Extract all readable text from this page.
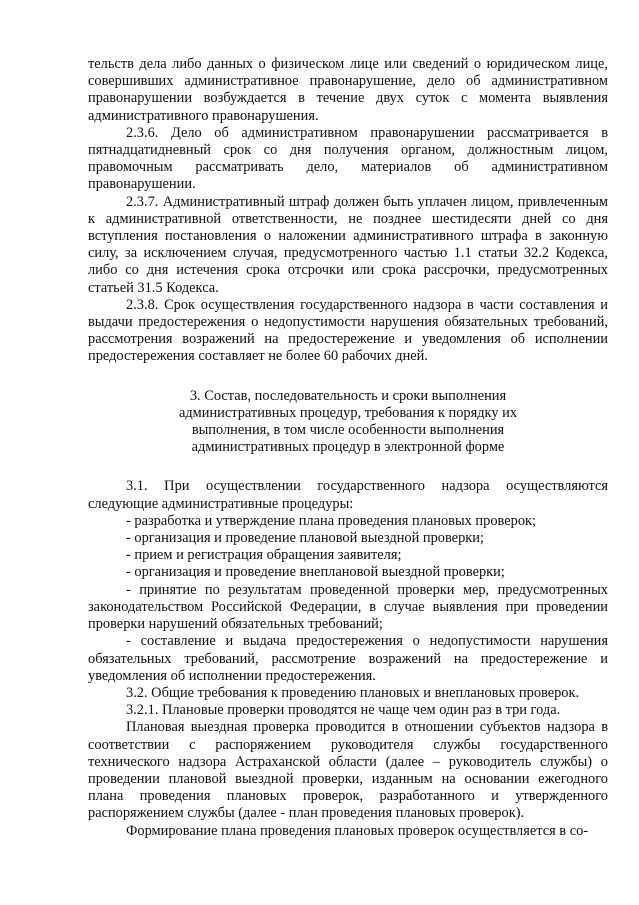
тельств дела либо данных о физическом лице или сведений о юридическом лице, совершивших административное правонарушение, дело об административном правонарушении возбуждается в течение двух суток с момента выявления административного правонарушения.

2.3.6. Дело об административном правонарушении рассматривается в пятнадцатидневный срок со дня получения органом, должностным лицом, правомочным рассматривать дело, материалов об административном правонарушении.

2.3.7. Административный штраф должен быть уплачен лицом, привлеченным к административной ответственности, не позднее шестидесяти дней со дня вступления постановления о наложении административного штрафа в законную силу, за исключением случая, предусмотренного частью 1.1 статьи 32.2 Кодекса, либо со дня истечения срока отсрочки или срока рассрочки, предусмотренных статьей 31.5 Кодекса.

2.3.8. Срок осуществления государственного надзора в части составления и выдачи предостережения о недопустимости нарушения обязательных требований, рассмотрения возражений на предостережение и уведомления об исполнении предостережения составляет не более 60 рабочих дней.

3. Состав, последовательность и сроки выполнения

административных процедур, требования к порядку их

выполнения, в том числе особенности выполнения

административных процедур в электронной форме

3.1. При осуществлении государственного надзора осуществляются следующие административные процедуры:

- разработка и утверждение плана проведения плановых проверок;

- организация и проведение плановой выездной проверки;

- прием и регистрация обращения заявителя;

- организация и проведение внеплановой выездной проверки;

- принятие по результатам проведенной проверки мер, предусмотренных законодательством Российской Федерации, в случае выявления при проведении проверки нарушений обязательных требований;

- составление и выдача предостережения о недопустимости нарушения обязательных требований, рассмотрение возражений на предостережение и уведомления об исполнении предостережения.

3.2. Общие требования к проведению плановых и внеплановых проверок.

3.2.1. Плановые проверки проводятся не чаще чем один раз в три года.

Плановая выездная проверка проводится в отношении субъектов надзора в соответствии с распоряжением руководителя службы государственного технического надзора Астраханской области (далее – руководитель службы) о проведении плановой выездной проверки, изданным на основании ежегодного плана проведения плановых проверок, разработанного и утвержденного распоряжением службы (далее - план проведения плановых проверок).

Формирование плана проведения плановых проверок осуществляется в со-
